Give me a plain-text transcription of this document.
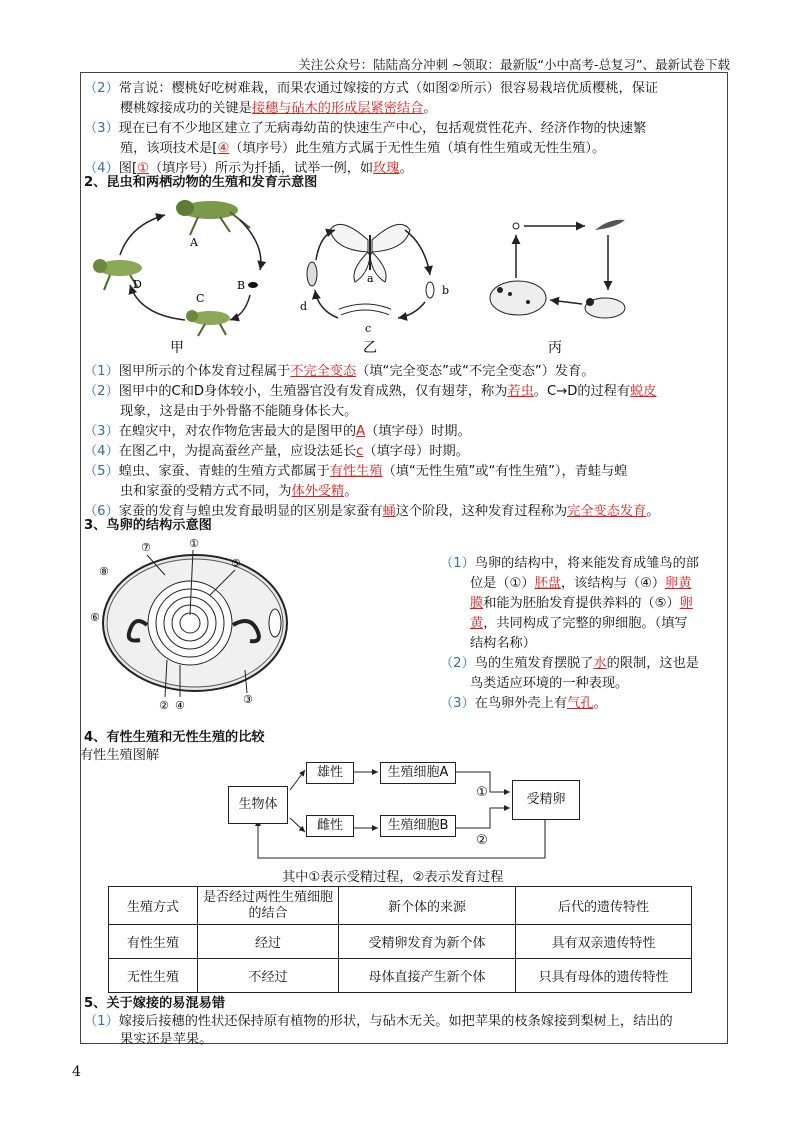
关注公众号：陆陆高分冲刺 ~领取：最新版“小中高考-总复习”、最新试卷下载
（2）常言说：樱桃好吃树难栽，而果农通过嫁接的方式（如图②所示）很容易栽培优质樱桃，保证
樱桃嫁接成功的关键是接穗与砧木的形成层紧密结合。
（3）现在已有不少地区建立了无病毒幼苗的快速生产中心，包括观赏性花卉、经济作物的快速繁
殖，该项技术是[④（填序号）此生殖方式属于无性生殖（填有性生殖或无性生殖）。
（4）图[①（填序号）所示为扦插，试举一例，如玫瑰。
2、昆虫和两栖动物的生殖和发育示意图
A
B
C
D
甲
a
b
c
d
乙	丙
（1）图甲所示的个体发育过程属于不完全变态（填“完全变态”或“不完全变态”）发育。
（2）图甲中的C和D身体较小，生殖器官没有发育成熟，仅有翅芽，称为若虫。C→D的过程有蜕皮
现象，这是由于外骨骼不能随身体长大。
（3）在蝗灾中，对农作物危害最大的是图甲的A（填字母）时期。
（4）在图乙中，为提高蚕丝产量，应设法延长c（填字母）时期。
（5）蝗虫、家蚕、青蛙的生殖方式都属于有性生殖（填“无性生殖”或“有性生殖”），青蛙与蝗
虫和家蚕的受精方式不同，为体外受精。
（6）家蚕的发育与蝗虫发育最明显的区别是家蚕有蛹这个阶段，这种发育过程称为完全变态发育。
3、鸟卵的结构示意图
⑦	①
⑤
⑧
⑥
② ④	③
（1）鸟卵的结构中，将来能发育成雏鸟的部
位是（①）胚盘，该结构与（④）卵黄
膜和能为胚胎发育提供养料的（⑤）卵
黄，共同构成了完整的卵细胞。（填写
结构名称）
（2）鸟的生殖发育摆脱了水的限制，这也是
鸟类适应环境的一种表现。
（3）在鸟卵外壳上有气孔。
4、有性生殖和无性生殖的比较
有性生殖图解
生物体
雄性
雌性
生殖细胞A
生殖细胞B
受精卵
①
②
其中①表示受精过程，②表示发育过程
生殖方式	是否经过两性生殖细胞的结合	新个体的来源	后代的遗传特性
有性生殖	经过	受精卵发育为新个体	具有双亲遗传特性
无性生殖	不经过	母体直接产生新个体	只具有母体的遗传特性
5、关于嫁接的易混易错
（1）嫁接后接穗的性状还保持原有植物的形状，与砧木无关。如把苹果的枝条嫁接到梨树上，结出的
果实还是苹果。
4
